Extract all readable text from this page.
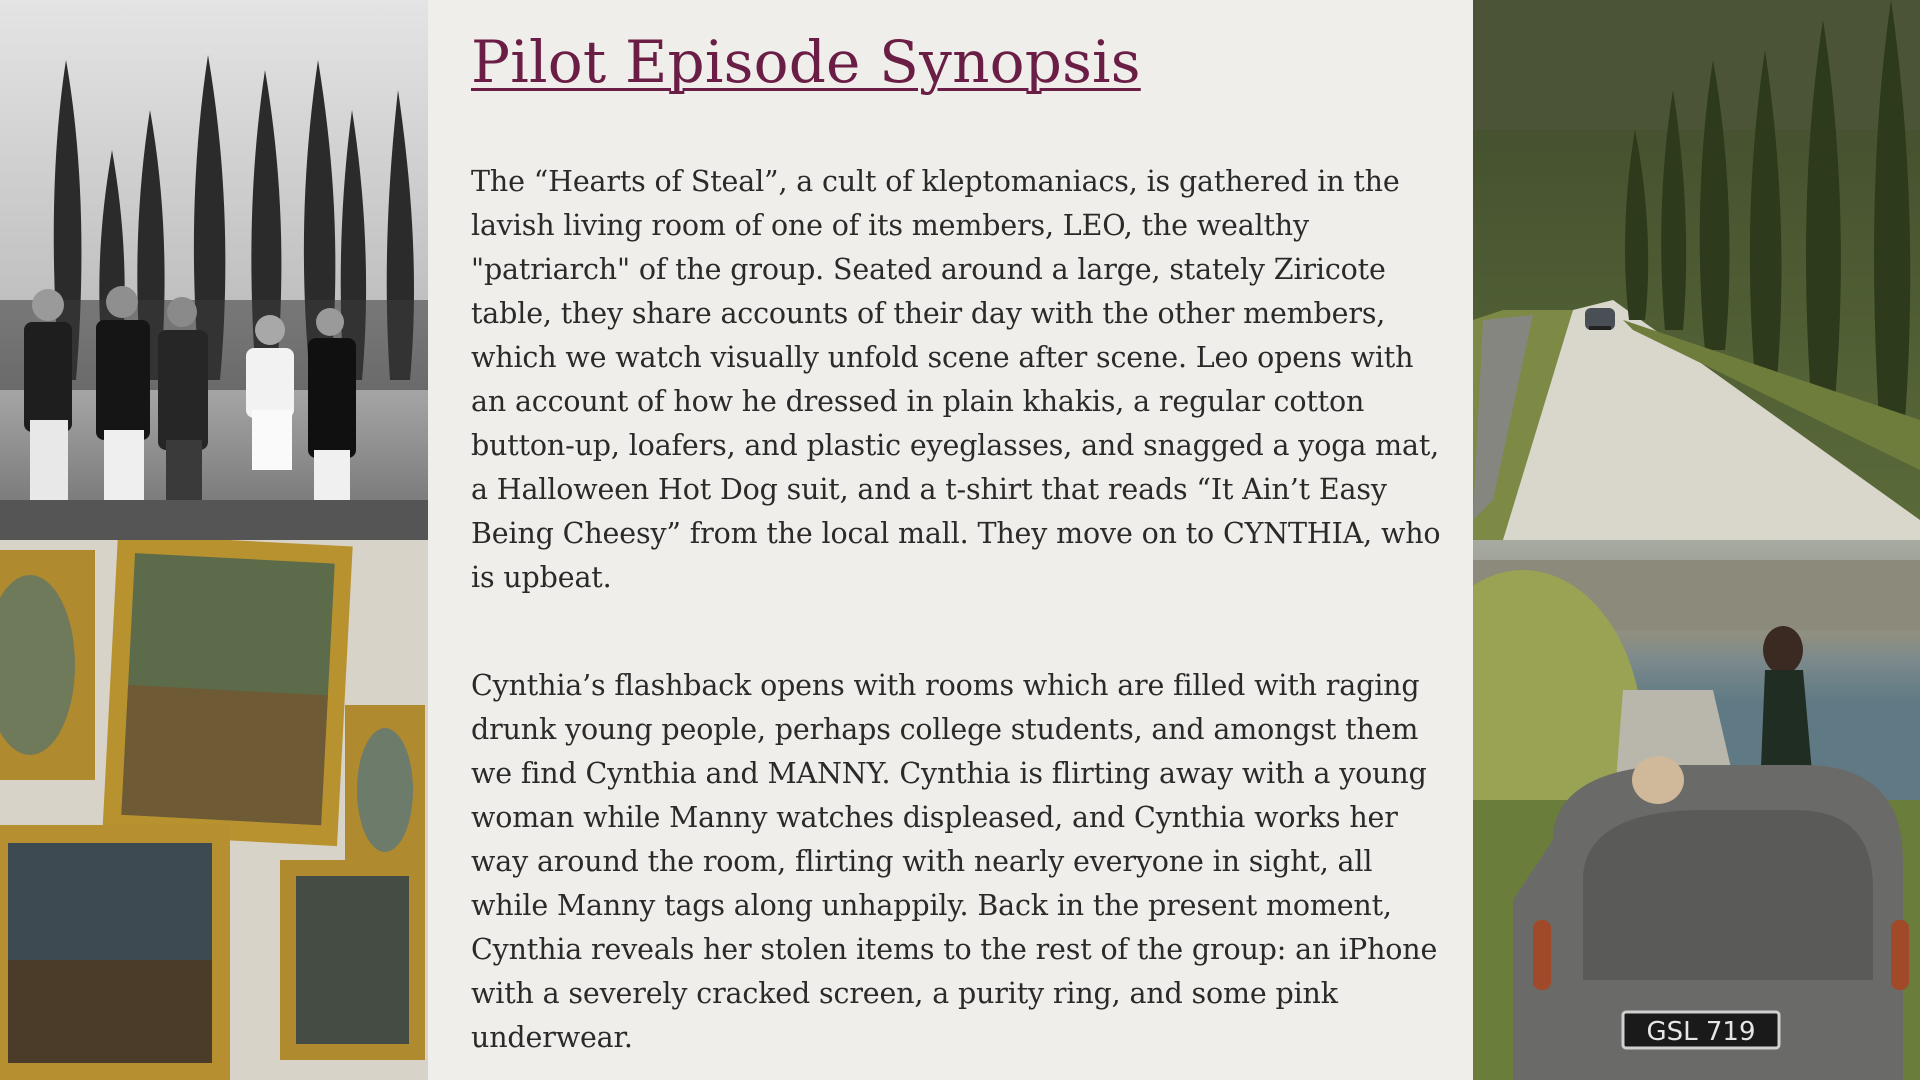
GSL 719
Pilot Episode Synopsis

The “Hearts of Steal”, a cult of kleptomaniacs, is gathered in the lavish living room of one of its members, LEO, the wealthy "patriarch" of the group. Seated around a large, stately Ziricote table, they share accounts of their day with the other members, which we watch visually unfold scene after scene. Leo opens with an account of how he dressed in plain khakis, a regular cotton button-up, loafers, and plastic eyeglasses, and snagged a yoga mat, a Halloween Hot Dog suit, and a t-shirt that reads “It Ain’t Easy Being Cheesy” from the local mall. They move on to CYNTHIA, who is upbeat.

Cynthia’s flashback opens with rooms which are filled with raging drunk young people, perhaps college students, and amongst them we find Cynthia and MANNY. Cynthia is flirting away with a young woman while Manny watches displeased, and Cynthia works her way around the room, flirting with nearly everyone in sight, all while Manny tags along unhappily. Back in the present moment, Cynthia reveals her stolen items to the rest of the group: an iPhone with a severely cracked screen, a purity ring, and some pink underwear.
